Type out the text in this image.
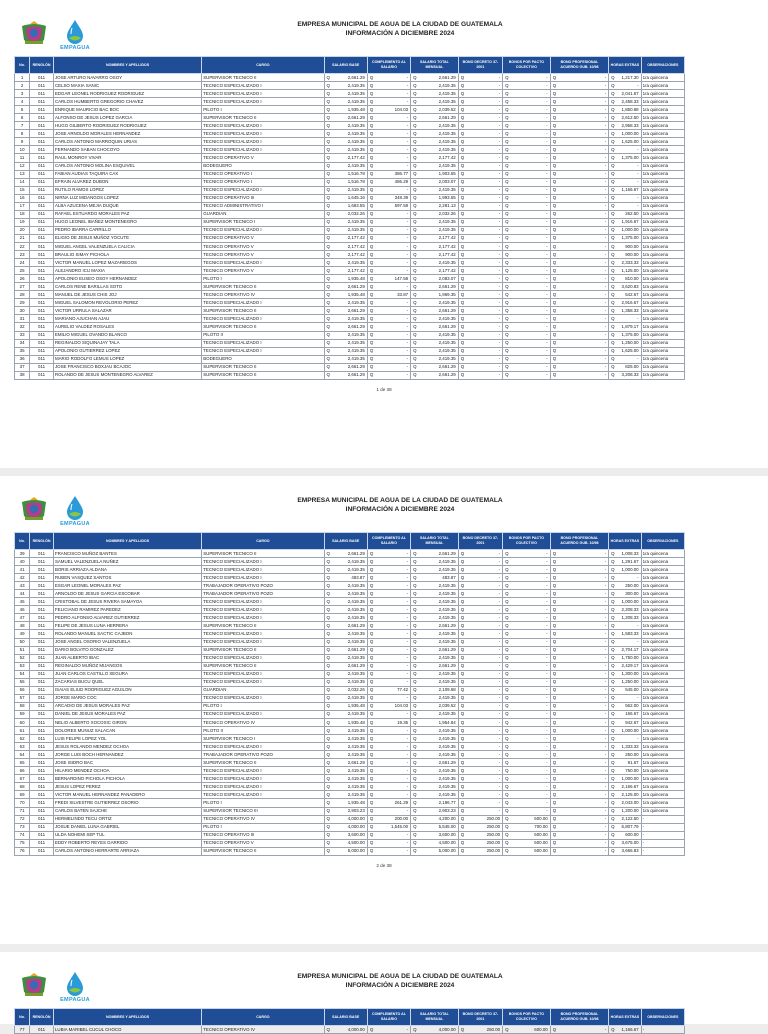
EMPAGUA
EMPRESA MUNICIPAL DE AGUA DE LA CIUDAD DE GUATEMALA
INFORMACIÓN A DICIEMBRE 2024
No.	RENGLÓN	NOMBRES Y APELLIDOS	CARGO	SALARIO BASE	COMPLEMENTO AL SALARIO	SALARIO TOTAL MENSUAL	BONO DECRETO 37-2001	BONOS POR PACTO COLECTIVO	BONO PROFESIONAL ACUERDO GUB. 10/98	HORAS EXTRAS	OBSERVACIONES
1	011	JOSE ARTURO NAVARRO OSOY	SUPERVISOR TECNICO II	Q 2,661.29	Q -	Q 2,661.29	Q -	Q -	Q -	Q 1,217.30	1ra quincena
2	011	CELSO MAXIA SANIC	TECNICO ESPECIALIZADO I	Q 2,419.35	Q -	Q 2,419.35	Q -	Q -	Q -	Q -	1ra quincena
3	011	EDGAR LEONEL RODRIGUEZ RODRIGUEZ	TECNICO ESPECIALIZADO I	Q 2,419.35	Q -	Q 2,419.35	Q -	Q -	Q -	Q 2,041.67	1ra quincena
4	011	CARLOS HUMBERTO GREGORIO CHAVEZ	TECNICO ESPECIALIZADO I	Q 2,419.35	Q -	Q 2,419.35	Q -	Q -	Q -	Q 2,458.33	1ra quincena
5	011	ENRIQUE MAURICIO BAC BOC	PILOTO I	Q 1,935.48	Q 104.03	Q 2,039.52	Q -	Q -	Q -	Q 1,850.88	1ra quincena
6	011	ALFONSO DE JESUS LOPEZ GARCIA	SUPERVISOR TECNICO II	Q 2,661.29	Q -	Q 2,661.29	Q -	Q -	Q -	Q 2,612.50	1ra quincena
7	011	HUGO GILBERTO RODRIGUEZ RODRIGUEZ	TECNICO ESPECIALIZADO I	Q 2,419.35	Q -	Q 2,419.35	Q -	Q -	Q -	Q 2,958.33	1ra quincena
8	011	JOSE ARNOLDO MORALES HERNANDEZ	TECNICO ESPECIALIZADO I	Q 2,419.35	Q -	Q 2,419.35	Q -	Q -	Q -	Q 1,000.00	1ra quincena
9	011	CARLOS ANTONIO MARROQUIN URIAS	TECNICO ESPECIALIZADO I	Q 2,419.35	Q -	Q 2,419.35	Q -	Q -	Q -	Q 1,625.00	1ra quincena
10	011	FERNANDO SABAN CHOCOYO	TECNICO ESPECIALIZADO I	Q 2,419.35	Q -	Q 2,419.35	Q -	Q -	Q -	Q -	1ra quincena
11	011	RAUL MONROY VIVAR	TECNICO OPERATIVO V	Q 2,177.42	Q -	Q 2,177.42	Q -	Q -	Q -	Q 1,375.00	1ra quincena
12	011	CARLOS ANTONIO MOLINA ESQUIVEL	BODEGUERO	Q 2,419.35	Q -	Q 2,419.35	Q -	Q -	Q -	Q -	1ra quincena
13	011	FABIAN AUDIAS TAQUIRA CAX	TECNICO OPERATIVO I	Q 1,516.78	Q 386.77	Q 1,903.55	Q -	Q -	Q -	Q -	1ra quincena
14	011	EFRAIN ALVAREZ DUBON	TECNICO OPERATIVO I	Q 1,516.78	Q 486.29	Q 2,003.07	Q -	Q -	Q -	Q -	1ra quincena
15	011	RUTILO RAMOS LOPEZ	TECNICO ESPECIALIZADO I	Q 2,419.35	Q -	Q 2,419.35	Q -	Q -	Q -	Q 1,166.67	1ra quincena
16	011	NIRNA LUZ MIDANGOS LOPEZ	TECNICO OPERATIVO III	Q 1,645.16	Q 348.39	Q 1,993.55	Q -	Q -	Q -	Q -	1ra quincena
17	011	ALBA AZUCENA MEJIA DUQUE	TECNICO ADMINISTRATIVO I	Q 1,683.55	Q 597.58	Q 2,281.13	Q -	Q -	Q -	Q -	1ra quincena
18	011	RAFAEL ESTUARDO MORALES PAZ	GUARDIAN	Q 2,032.26	Q -	Q 2,032.26	Q -	Q -	Q -	Q 262.50	1ra quincena
19	011	HUGO LEONEL IBAÑEZ MONTENEGRO	SUPERVISOR TECNICO I	Q 2,419.35	Q -	Q 2,419.35	Q -	Q -	Q -	Q 1,916.67	1ra quincena
20	011	PEDRO IBARRA CARRILLO	TECNICO ESPECIALIZADO I	Q 2,419.35	Q -	Q 2,419.35	Q -	Q -	Q -	Q 1,000.00	1ra quincena
21	011	ELIGIO DE JESUS MUÑOZ YOCUTE	TECNICO OPERATIVO V	Q 2,177.42	Q -	Q 2,177.42	Q -	Q -	Q -	Q 1,375.00	1ra quincena
22	011	MIGUEL ANGEL VALENZUELA CALICIA	TECNICO OPERATIVO V	Q 2,177.42	Q -	Q 2,177.42	Q -	Q -	Q -	Q 900.00	1ra quincena
23	011	BRAULIO SIMAY PICHOLA	TECNICO OPERATIVO V	Q 2,177.42	Q -	Q 2,177.42	Q -	Q -	Q -	Q 900.00	1ra quincena
24	011	VICTOR MANUEL LOPEZ MAZARIEGOS	TECNICO ESPECIALIZADO I	Q 2,419.35	Q -	Q 2,419.35	Q -	Q -	Q -	Q 2,333.33	1ra quincena
25	011	ALEJANDRO ICU MAXIA	TECNICO OPERATIVO V	Q 2,177.42	Q -	Q 2,177.42	Q -	Q -	Q -	Q 1,125.00	1ra quincena
26	011	APOLONIO EUSEO OSOY HERNANDEZ	PILOTO I	Q 1,935.48	Q 147.58	Q 2,083.07	Q -	Q -	Q -	Q 810.00	1ra quincena
27	011	CARLOS RENE BARILLAS SOTO	SUPERVISOR TECNICO II	Q 2,661.29	Q -	Q 2,661.29	Q -	Q -	Q -	Q 3,620.83	1ra quincena
28	011	MANUEL DE JESUS CHIS JOJ	TECNICO OPERATIVO IV	Q 1,935.48	Q 33.87	Q 1,969.35	Q -	Q -	Q -	Q 542.67	1ra quincena
29	011	MIGUEL SALOMON REVOLORIO PEREZ	TECNICO ESPECIALIZADO I	Q 2,419.35	Q -	Q 2,419.35	Q -	Q -	Q -	Q 2,916.67	1ra quincena
30	011	VICTOR URRULA SALAZAR	SUPERVISOR TECNICO II	Q 2,661.29	Q -	Q 2,661.29	Q -	Q -	Q -	Q 1,358.33	1ra quincena
31	011	MARIANO AJUCHAN AJAU	TECNICO ESPECIALIZADO I	Q 2,419.35	Q -	Q 2,419.35	Q -	Q -	Q -	Q -	1ra quincena
32	011	AURELIO VALDEZ ROSALES	SUPERVISOR TECNICO II	Q 2,661.29	Q -	Q 2,661.29	Q -	Q -	Q -	Q 1,879.17	1ra quincena
33	011	EMILIO MIGUEL OVANDO BLANCO	PILOTO II	Q 2,419.35	Q -	Q 2,419.35	Q -	Q -	Q -	Q 1,375.00	1ra quincena
34	011	REGINALDO SIQUINAJAY TALA	TECNICO ESPECIALIZADO I	Q 2,419.35	Q -	Q 2,419.35	Q -	Q -	Q -	Q 1,250.00	1ra quincena
35	011	APOLONIO GUTIERREZ LOPEZ	TECNICO ESPECIALIZADO I	Q 2,419.35	Q -	Q 2,419.35	Q -	Q -	Q -	Q 1,625.00	1ra quincena
36	011	MARIO RODOLFO LEMUS LOPEZ	BODEGUERO	Q 2,419.35	Q -	Q 2,419.35	Q -	Q -	Q -	Q -	1ra quincena
37	011	JOSE FRANCISCO BOXJAU BCAJOC	SUPERVISOR TECNICO II	Q 2,661.29	Q -	Q 2,661.29	Q -	Q -	Q -	Q 825.00	1ra quincena
38	011	ROLANDO DE JESUS MONTENEGRO ALVAREZ	SUPERVISOR TECNICO II	Q 2,661.29	Q -	Q 2,661.29	Q -	Q -	Q -	Q 3,208.33	1ra quincena
1 de 38
EMPAGUA
EMPRESA MUNICIPAL DE AGUA DE LA CIUDAD DE GUATEMALA
INFORMACIÓN A DICIEMBRE 2024
No.	RENGLÓN	NOMBRES Y APELLIDOS	CARGO	SALARIO BASE	COMPLEMENTO AL SALARIO	SALARIO TOTAL MENSUAL	BONO DECRETO 37-2001	BONOS POR PACTO COLECTIVO	BONO PROFESIONAL ACUERDO GUB. 10/98	HORAS EXTRAS	OBSERVACIONES
39	011	FRANCISCO MUÑOZ BANTES	SUPERVISOR TECNICO II	Q 2,661.29	Q -	Q 2,661.29	Q -	Q -	Q -	Q 1,008.33	1ra quincena
40	011	SAMUEL VALENZUELA NUÑEZ	TECNICO ESPECIALIZADO I	Q 2,419.35	Q -	Q 2,419.35	Q -	Q -	Q -	Q 1,291.67	1ra quincena
41	011	BORIS ARRIAZA ALDANA	TECNICO ESPECIALIZADO I	Q 2,419.35	Q -	Q 2,419.35	Q -	Q -	Q -	Q 1,000.00	1ra quincena
42	011	RUBEN VASQUEZ SANTOS	TECNICO ESPECIALIZADO I	Q 483.87	Q -	Q 483.87	Q -	Q -	Q -	Q -	1ra quincena
43	011	ESGAR LEONEL MORALES PAZ	TRABAJADOR OPERATIVO POZO	Q 2,419.35	Q -	Q 2,419.35	Q -	Q -	Q -	Q 250.00	1ra quincena
44	011	ARNOLDO DE JESUS GARCIA ESCOBAR	TRABAJADOR OPERATIVO POZO	Q 2,419.35	Q -	Q 2,419.35	Q -	Q -	Q -	Q 300.00	1ra quincena
45	011	CRISTOBAL DE JESUS RIVERA SAMAYOA	TECNICO ESPECIALIZADO I	Q 2,419.35	Q -	Q 2,419.35	Q -	Q -	Q -	Q 1,000.00	1ra quincena
46	011	FELICIANO RAMIREZ PAREDEZ	TECNICO ESPECIALIZADO I	Q 2,419.35	Q -	Q 2,419.35	Q -	Q -	Q -	Q 2,208.33	1ra quincena
47	011	PEDRO ALFONSO ALVAREZ GUTIERREZ	TECNICO ESPECIALIZADO I	Q 2,419.35	Q -	Q 2,419.35	Q -	Q -	Q -	Q 1,208.33	1ra quincena
48	011	FELIPE DE JESUS LUNA HERRERA	SUPERVISOR TECNICO II	Q 2,661.29	Q -	Q 2,661.29	Q -	Q -	Q -	Q -	1ra quincena
49	011	ROLANDO MANUEL SACTIC CAJBON	TECNICO ESPECIALIZADO I	Q 2,419.35	Q -	Q 2,419.35	Q -	Q -	Q -	Q 1,583.33	1ra quincena
50	011	JOSE ANGEL OSORIO VALENZUELA	TECNICO ESPECIALIZADO I	Q 2,419.35	Q -	Q 2,419.35	Q -	Q -	Q -	Q -	1ra quincena
51	011	DARIO BOLVITO GONZALEZ	SUPERVISOR TECNICO II	Q 2,661.29	Q -	Q 2,661.29	Q -	Q -	Q -	Q 2,704.17	1ra quincena
52	011	JUAN ALBERTO IBAC	TECNICO ESPECIALIZADO I	Q 2,419.35	Q -	Q 2,419.35	Q -	Q -	Q -	Q 1,750.00	1ra quincena
53	011	REGINALDO MUÑOZ MIJANGOS	SUPERVISOR TECNICO II	Q 2,661.29	Q -	Q 2,661.29	Q -	Q -	Q -	Q 2,429.17	1ra quincena
54	011	JUAN CARLOS CASTILLO SEGURA	TECNICO ESPECIALIZADO I	Q 2,419.35	Q -	Q 2,419.35	Q -	Q -	Q -	Q 1,300.00	1ra quincena
55	011	ZACARIAS BUCU QUEL	TECNICO ESPECIALIZADO I	Q 2,419.35	Q -	Q 2,419.35	Q -	Q -	Q -	Q 1,250.00	1ra quincena
56	011	ISAIAS ELIUD RODRIGUEZ AGUILON	GUARDIAN	Q 2,032.26	Q 77.42	Q 2,109.68	Q -	Q -	Q -	Q 545.00	1ra quincena
57	011	JORGE MARIO COC	TECNICO ESPECIALIZADO I	Q 2,419.35	Q -	Q 2,419.35	Q -	Q -	Q -	Q -	1ra quincena
58	011	ARCADIO DE JESUS MORALES PAZ	PILOTO I	Q 1,935.48	Q 104.03	Q 2,039.52	Q -	Q -	Q -	Q 562.00	1ra quincena
59	011	DANIEL DE JESUS MORALES PAZ	TECNICO ESPECIALIZADO I	Q 2,419.35	Q -	Q 2,419.35	Q -	Q -	Q -	Q 166.67	1ra quincena
60	011	NELIO ALBERTO XOCOXIC GIRON	TECNICO OPERATIVO IV	Q 1,935.48	Q 19.35	Q 1,954.84	Q -	Q -	Q -	Q 942.67	1ra quincena
61	011	DOLORES MUNUZ SALACAN	PILOTO II	Q 2,419.35	Q -	Q 2,419.35	Q -	Q -	Q -	Q 1,000.00	1ra quincena
62	011	LUIS FELIPE LOPEZ YOL	SUPERVISOR TECNICO I	Q 2,419.35	Q -	Q 2,419.35	Q -	Q -	Q -	Q -	1ra quincena
63	011	JESUS ROLANDO MENDEZ OCHOA	TECNICO ESPECIALIZADO I	Q 2,419.35	Q -	Q 2,419.35	Q -	Q -	Q -	Q 1,333.33	1ra quincena
64	011	JORGE LUIS BOCH HERNANDEZ	TRABAJADOR OPERATIVO POZO	Q 2,419.35	Q -	Q 2,419.35	Q -	Q -	Q -	Q 250.00	1ra quincena
65	011	JOSE ISIDRO BAC	SUPERVISOR TECNICO II	Q 2,661.29	Q -	Q 2,661.29	Q -	Q -	Q -	Q 91.67	1ra quincena
66	011	HILARIO MENDEZ OCHOA	TECNICO ESPECIALIZADO I	Q 2,419.35	Q -	Q 2,419.35	Q -	Q -	Q -	Q 750.00	1ra quincena
67	011	BERNARDINO PICHOLA PICHOLA	TECNICO ESPECIALIZADO I	Q 2,419.35	Q -	Q 2,419.35	Q -	Q -	Q -	Q 1,000.00	1ra quincena
68	011	JESUS LOPEZ PEREZ	TECNICO ESPECIALIZADO I	Q 2,419.35	Q -	Q 2,419.35	Q -	Q -	Q -	Q 2,166.67	1ra quincena
69	011	VICTOR MANUEL HERNANDEZ PANADERO	TECNICO ESPECIALIZADO I	Q 2,419.35	Q -	Q 2,419.35	Q -	Q -	Q -	Q 2,125.00	1ra quincena
70	011	FREDI SILVESTRE GUTIERREZ OSORIO	PILOTO I	Q 1,935.48	Q 261.29	Q 2,196.77	Q -	Q -	Q -	Q 2,043.00	1ra quincena
71	011	CARLOS BATEN SAJCHE	SUPERVISOR TECNICO III	Q 2,903.23	Q -	Q 2,903.23	Q -	Q -	Q -	Q 1,200.00	1ra quincena
72	011	HERMELINDO TECU ORTIZ	TECNICO OPERATIVO IV	Q 4,000.00	Q 200.00	Q 4,200.00	Q 250.00	Q 600.00	Q -	Q 2,122.50	-
73	011	JOSUE DANIEL LUNA GABRIEL	PILOTO I	Q 4,000.00	Q 1,545.00	Q 5,545.00	Q 250.00	Q 700.00	Q -	Q 6,807.79	-
74	011	ULDA NOHEMI SEP TUL	TECNICO OPERATIVO III	Q 3,600.00	Q -	Q 3,600.00	Q 250.00	Q 600.00	Q -	Q 600.00	-
75	011	EDDY ROBERTO REYES GARRIDO	TECNICO OPERATIVO V	Q 4,500.00	Q -	Q 4,500.00	Q 250.00	Q 600.00	Q -	Q 3,675.00	-
76	011	CARLOS ANTONIO HERRARTE ARRIAZA	SUPERVISOR TECNICO II	Q 5,000.00	Q -	Q 5,000.00	Q 250.00	Q 600.00	Q -	Q 3,666.83	-
2 de 38
EMPAGUA
EMPRESA MUNICIPAL DE AGUA DE LA CIUDAD DE GUATEMALA
INFORMACIÓN A DICIEMBRE 2024
No.	RENGLÓN	NOMBRES Y APELLIDOS	CARGO	SALARIO BASE	COMPLEMENTO AL SALARIO	SALARIO TOTAL MENSUAL	BONO DECRETO 37-2001	BONOS POR PACTO COLECTIVO	BONO PROFESIONAL ACUERDO GUB. 10/98	HORAS EXTRAS	OBSERVACIONES
77	011	LUBIA MARIBEL CUCUL CHOCO	TECNICO OPERATIVO IV	Q 4,000.00	Q -	Q 4,000.00	Q 250.00	Q 600.00	Q -	Q 1,166.67	-
